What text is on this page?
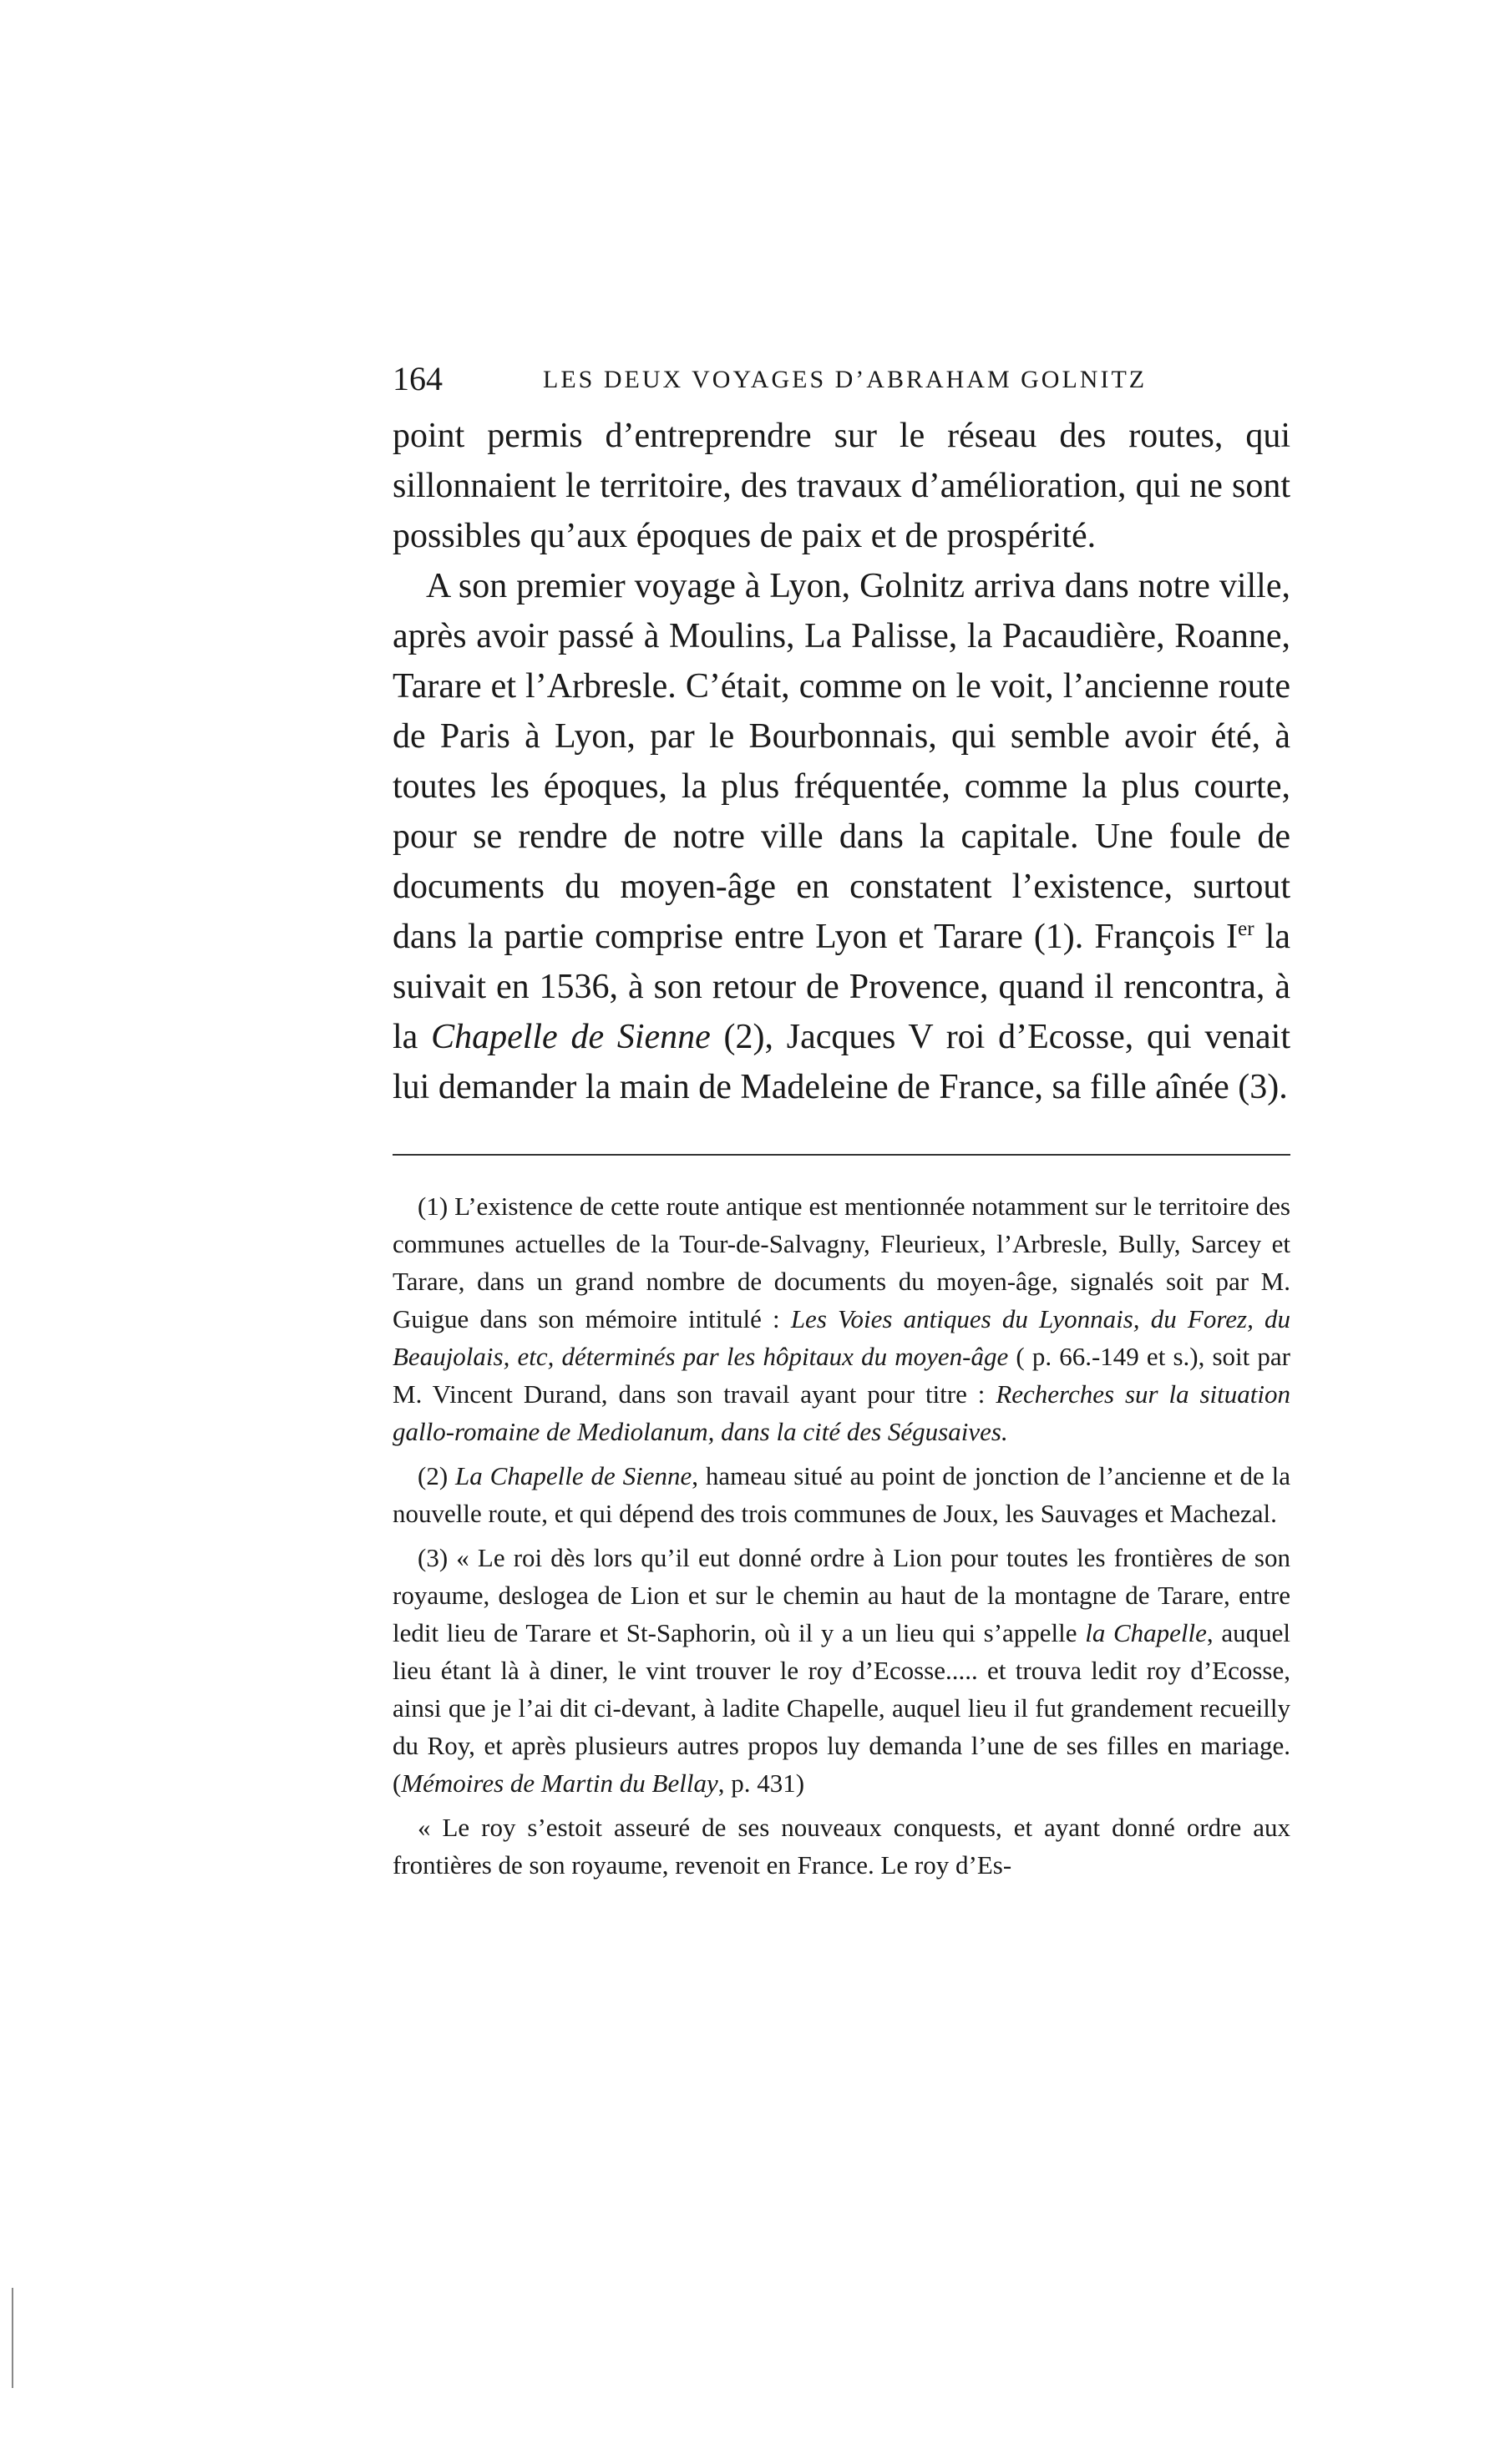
164	LES DEUX VOYAGES D’ABRAHAM GOLNITZ

point permis d’entreprendre sur le réseau des routes, qui sillonnaient le territoire, des travaux d’amélioration, qui ne sont possibles qu’aux époques de paix et de prospérité.

A son premier voyage à Lyon, Golnitz arriva dans notre ville, après avoir passé à Moulins, La Palisse, la Pacaudière, Roanne, Tarare et l’Arbresle. C’était, comme on le voit, l’ancienne route de Paris à Lyon, par le Bourbonnais, qui semble avoir été, à toutes les époques, la plus fréquentée, comme la plus courte, pour se rendre de notre ville dans la capitale. Une foule de documents du moyen-âge en constatent l’existence, surtout dans la partie comprise entre Lyon et Tarare (1). François Ier la suivait en 1536, à son retour de Provence, quand il rencontra, à la Chapelle de Sienne (2), Jacques V roi d’Ecosse, qui venait lui demander la main de Madeleine de France, sa fille aînée (3).

(1) L’existence de cette route antique est mentionnée notamment sur le territoire des communes actuelles de la Tour-de-Salvagny, Fleurieux, l’Arbresle, Bully, Sarcey et Tarare, dans un grand nombre de documents du moyen-âge, signalés soit par M. Guigue dans son mémoire intitulé : Les Voies antiques du Lyonnais, du Forez, du Beaujolais, etc, déterminés par les hôpitaux du moyen-âge ( p. 66.-149 et s.), soit par M. Vincent Durand, dans son travail ayant pour titre : Recherches sur la situation gallo-romaine de Mediolanum, dans la cité des Ségusaives.

(2) La Chapelle de Sienne, hameau situé au point de jonction de l’ancienne et de la nouvelle route, et qui dépend des trois communes de Joux, les Sauvages et Machezal.

(3) « Le roi dès lors qu’il eut donné ordre à Lion pour toutes les frontières de son royaume, deslogea de Lion et sur le chemin au haut de la montagne de Tarare, entre ledit lieu de Tarare et St-Saphorin, où il y a un lieu qui s’appelle la Chapelle, auquel lieu étant là à diner, le vint trouver le roy d’Ecosse..... et trouva ledit roy d’Ecosse, ainsi que je l’ai dit ci-devant, à ladite Chapelle, auquel lieu il fut grandement recueilly du Roy, et après plusieurs autres propos luy demanda l’une de ses filles en mariage. (Mémoires de Martin du Bellay, p. 431)

« Le roy s’estoit asseuré de ses nouveaux conquests, et ayant donné ordre aux frontières de son royaume, revenoit en France. Le roy d’Es-
